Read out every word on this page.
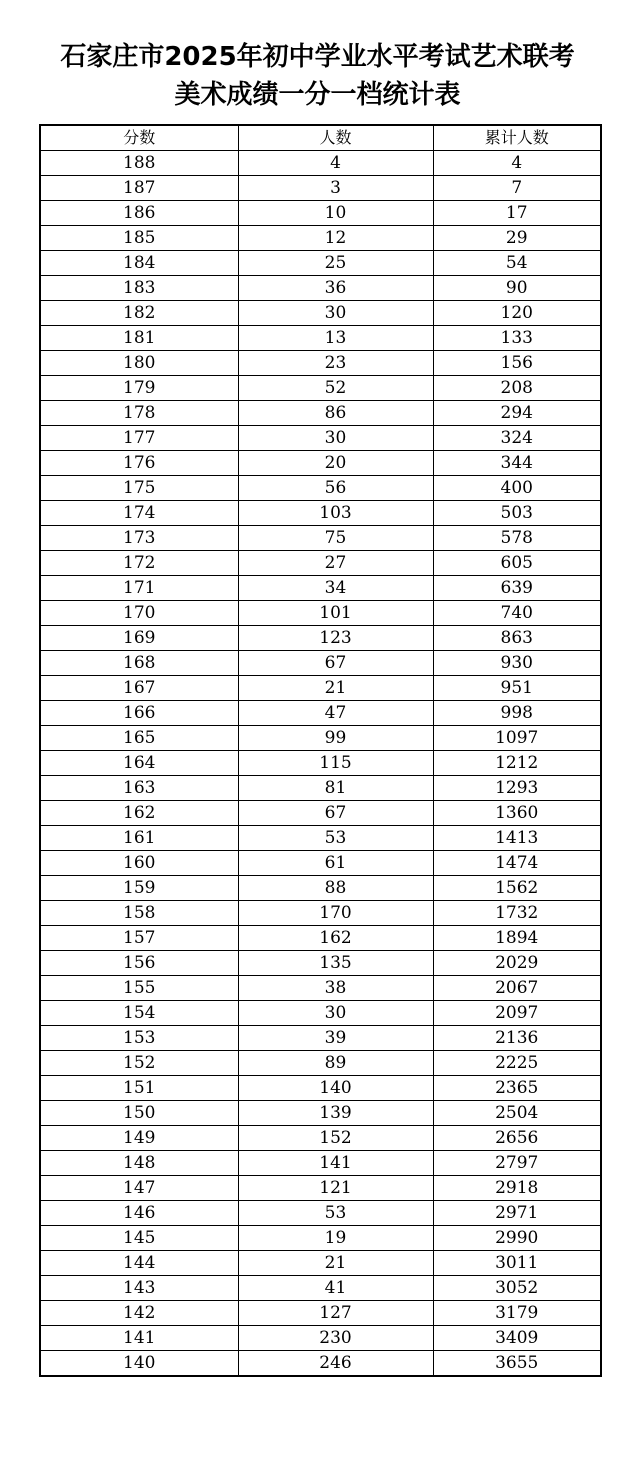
石家庄市2025年初中学业水平考试艺术联考
美术成绩一分一档统计表
分数	人数	累计人数
188	4	4
187	3	7
186	10	17
185	12	29
184	25	54
183	36	90
182	30	120
181	13	133
180	23	156
179	52	208
178	86	294
177	30	324
176	20	344
175	56	400
174	103	503
173	75	578
172	27	605
171	34	639
170	101	740
169	123	863
168	67	930
167	21	951
166	47	998
165	99	1097
164	115	1212
163	81	1293
162	67	1360
161	53	1413
160	61	1474
159	88	1562
158	170	1732
157	162	1894
156	135	2029
155	38	2067
154	30	2097
153	39	2136
152	89	2225
151	140	2365
150	139	2504
149	152	2656
148	141	2797
147	121	2918
146	53	2971
145	19	2990
144	21	3011
143	41	3052
142	127	3179
141	230	3409
140	246	3655
